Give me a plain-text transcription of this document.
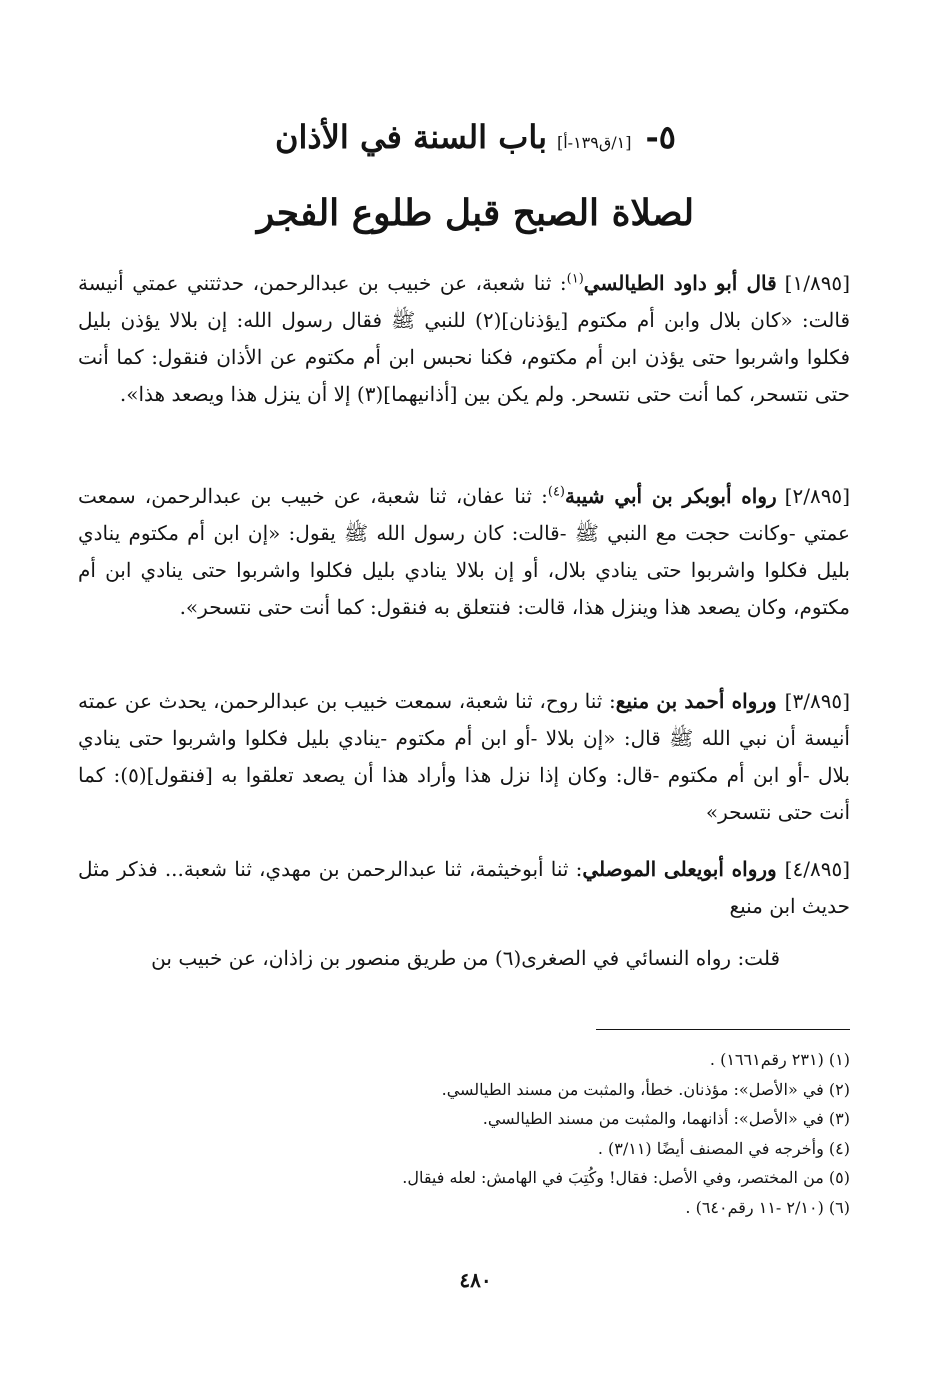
٥-[١/ق١٣٩-أ]باب السنة في الأذان
لصلاة الصبح قبل طلوع الفجر
[١/٨٩٥]قال أبو داود الطيالسي$^{(١)}$: ثنا شعبة، عن خبيب بن عبدالرحمن، حدثتني عمتي أنيسة قالت: «كان بلال وابن أم مكتوم [يؤذنان](٢) للنبي ﷺ فقال رسول الله: إن بلالا يؤذن بليل فكلوا واشربوا حتى يؤذن ابن أم مكتوم، فكنا نحبس ابن أم مكتوم عن الأذان فنقول: كما أنت حتى نتسحر، كما أنت حتى نتسحر. ولم يكن بين [أذانيهما](٣) إلا أن ينزل هذا ويصعد هذا».
[٢/٨٩٥]رواه أبوبكر بن أبي شيبة$^{(٤)}$: ثنا عفان، ثنا شعبة، عن خبيب بن عبدالرحمن، سمعت عمتي -وكانت حجت مع النبي ﷺ -قالت: كان رسول الله ﷺ يقول: «إن ابن أم مكتوم ينادي بليل فكلوا واشربوا حتى ينادي بلال، أو إن بلالا ينادي بليل فكلوا واشربوا حتى ينادي ابن أم مكتوم، وكان يصعد هذا وينزل هذا، قالت: فنتعلق به فنقول: كما أنت حتى نتسحر».
[٣/٨٩٥]ورواه أحمد بن منيع: ثنا روح، ثنا شعبة، سمعت خبيب بن عبدالرحمن، يحدث عن عمته أنيسة أن نبي الله ﷺ قال: «إن بلالا -أو ابن أم مكتوم -ينادي بليل فكلوا واشربوا حتى ينادي بلال -أو ابن أم مكتوم -قال: وكان إذا نزل هذا وأراد هذا أن يصعد تعلقوا به [فنقول](٥): كما أنت حتى نتسحر»
[٤/٨٩٥]ورواه أبويعلى الموصلي: ثنا أبوخيثمة، ثنا عبدالرحمن بن مهدي، ثنا شعبة... فذكر مثل حديث ابن منيع
قلت: رواه النسائي في الصغرى(٦) من طريق منصور بن زاذان، عن خبيب بن
(١) (٢٣١ رقم١٦٦١) .
(٢) في «الأصل»: مؤذنان. خطأ، والمثبت من مسند الطيالسي.
(٣) في «الأصل»: أذانهما، والمثبت من مسند الطيالسي.
(٤) وأخرجه في المصنف أيضًا (٣/١١) .
(٥) من المختصر، وفي الأصل: فقال! وكُتِبَ في الهامش: لعله فيقال.
(٦) (٢/١٠ -١١ رقم٦٤٠) .
٤٨٠
